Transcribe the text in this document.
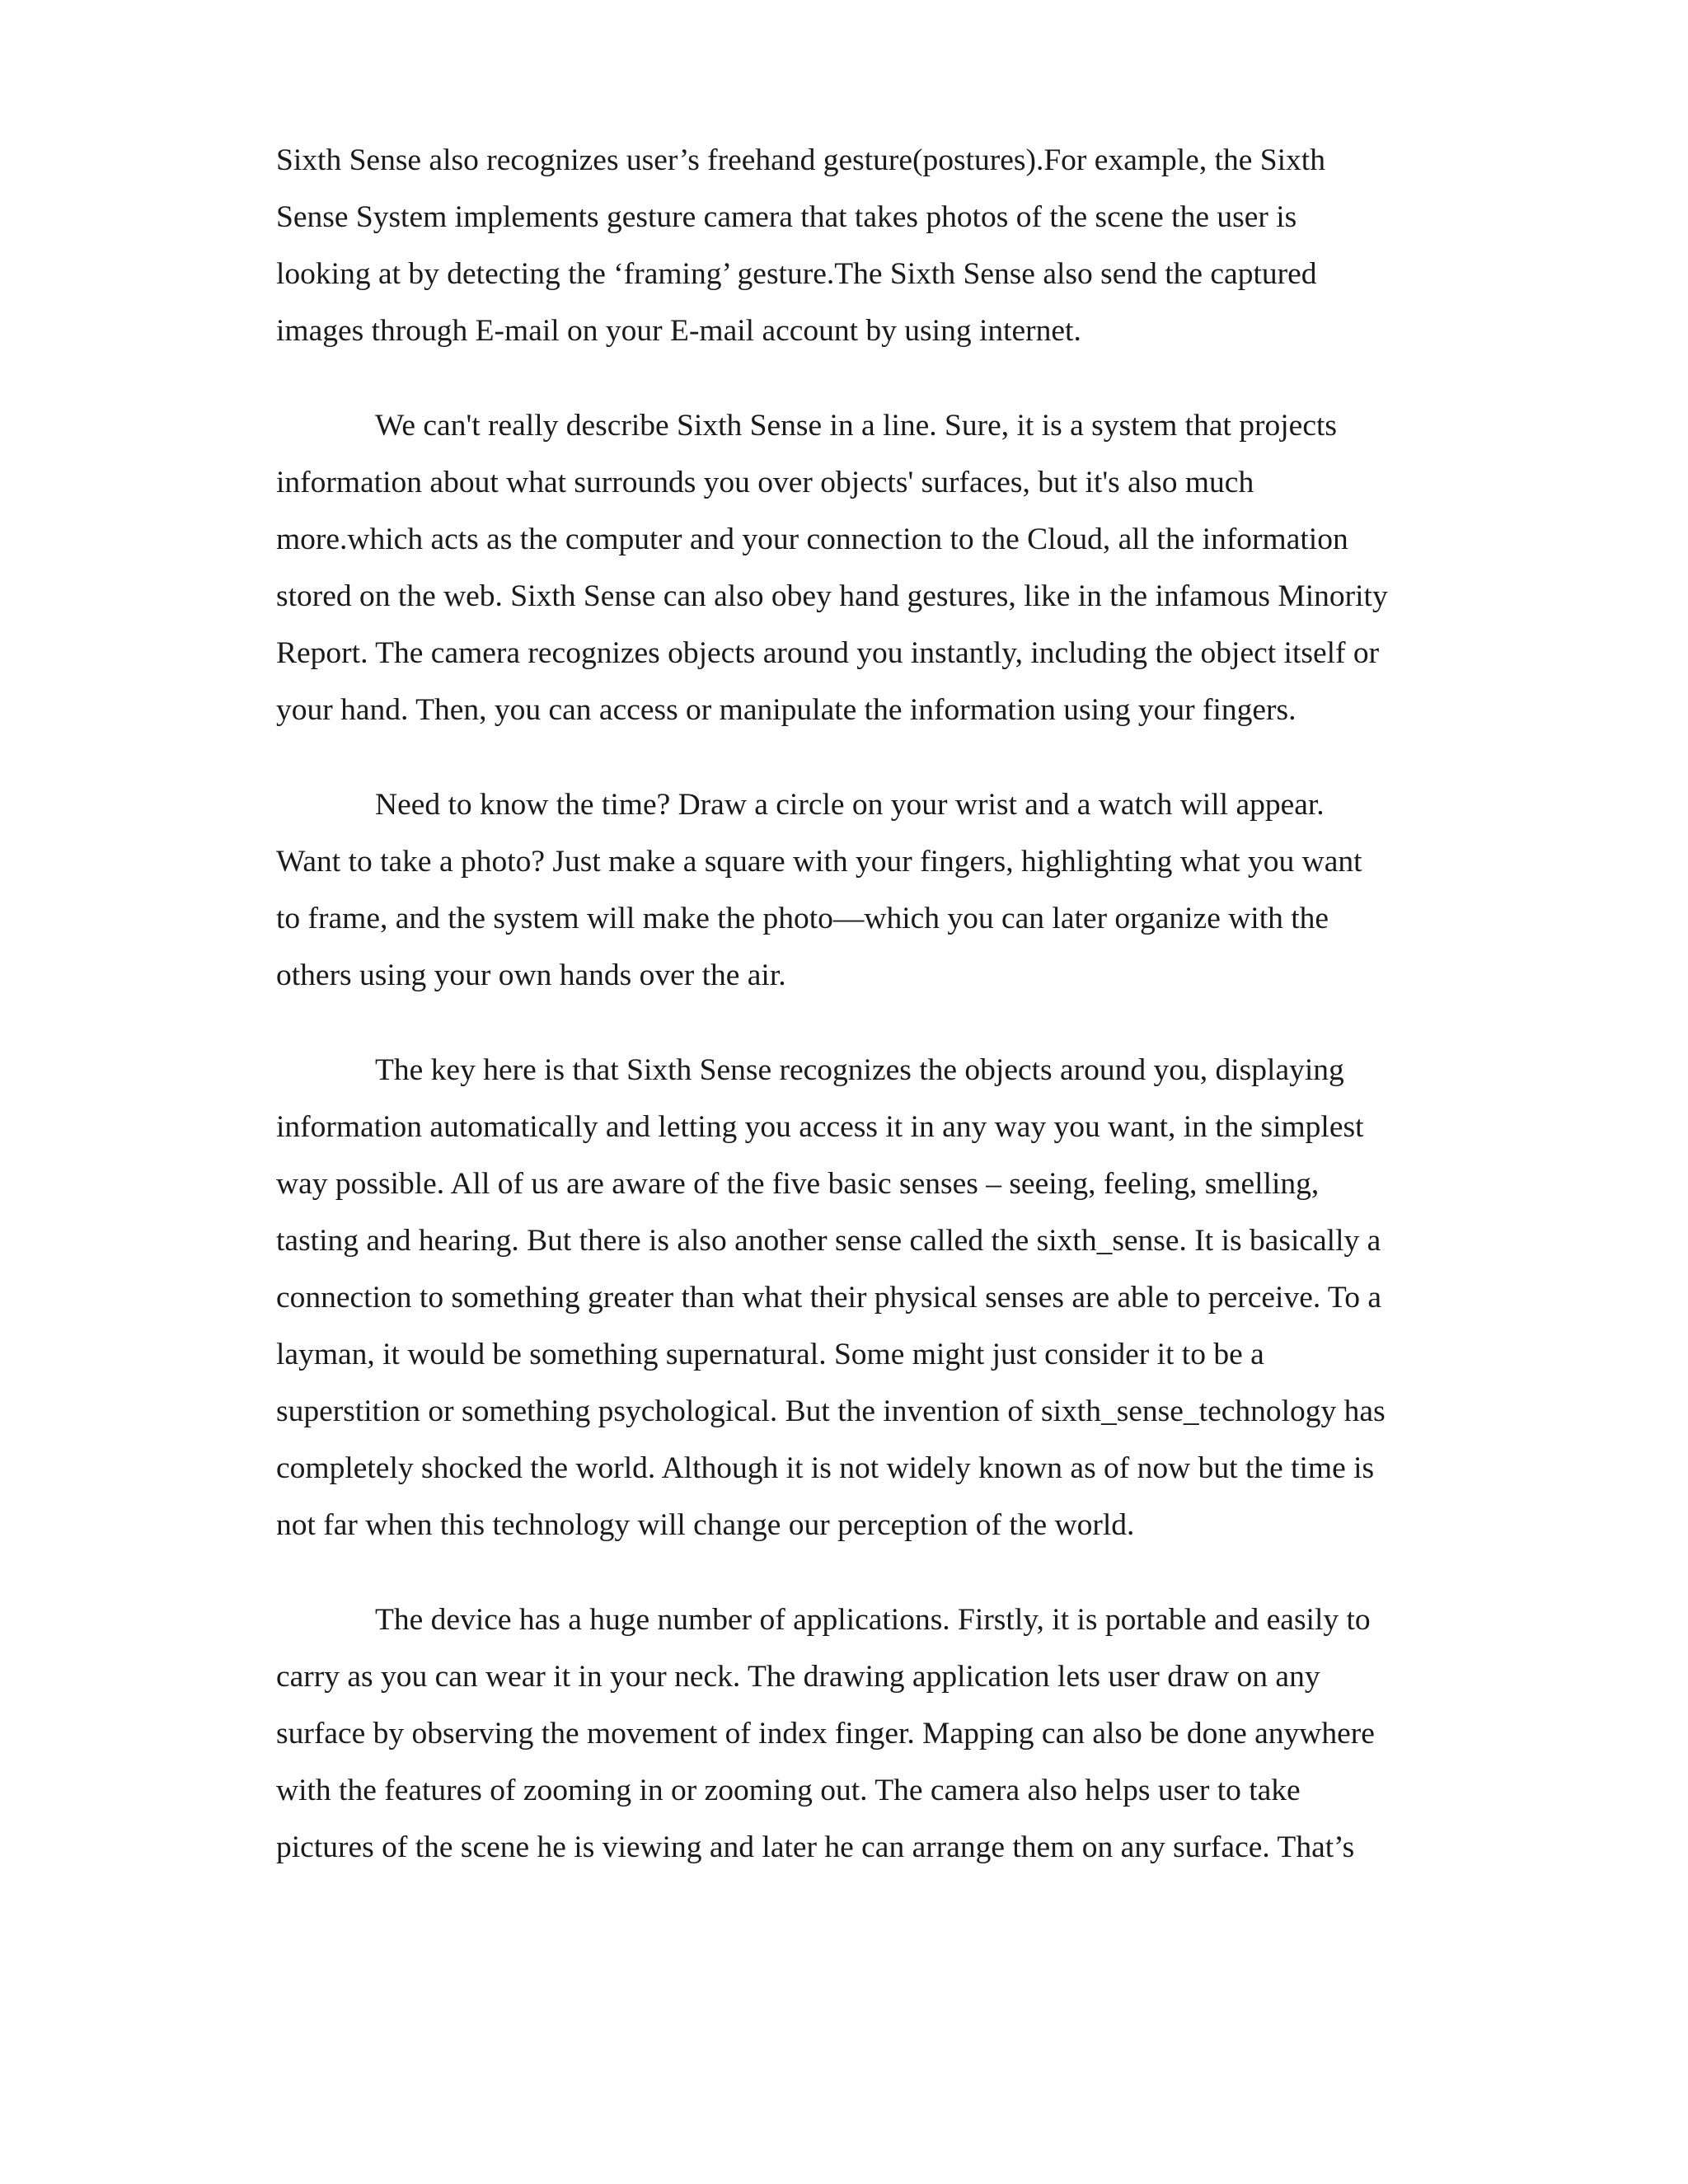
Sixth Sense also recognizes user’s freehand gesture(postures).For example, the Sixth
Sense System implements gesture camera that takes photos of the scene the user is
looking at by detecting the ‘framing’ gesture.The Sixth Sense also send the captured
images through E-mail on your E-mail account by using internet.
We can't really describe Sixth Sense in a line. Sure, it is a system that projects
information about what surrounds you over objects' surfaces, but it's also much
more.which acts as the computer and your connection to the Cloud, all the information
stored on the web. Sixth Sense can also obey hand gestures, like in the infamous Minority
Report. The camera recognizes objects around you instantly, including the object itself or
your hand. Then, you can access or manipulate the information using your fingers.
Need to know the time? Draw a circle on your wrist and a watch will appear.
Want to take a photo? Just make a square with your fingers, highlighting what you want
to frame, and the system will make the photo—which you can later organize with the
others using your own hands over the air.
The key here is that Sixth Sense recognizes the objects around you, displaying
information automatically and letting you access it in any way you want, in the simplest
way possible. All of us are aware of the five basic senses – seeing, feeling, smelling,
tasting and hearing. But there is also another sense called the sixth_sense. It is basically a
connection to something greater than what their physical senses are able to perceive. To a
layman, it would be something supernatural. Some might just consider it to be a
superstition or something psychological. But the invention of sixth_sense_technology has
completely shocked the world. Although it is not widely known as of now but the time is
not far when this technology will change our perception of the world.
The device has a huge number of applications. Firstly, it is portable and easily to
carry as you can wear it in your neck. The drawing application lets user draw on any
surface by observing the movement of index finger. Mapping can also be done anywhere
with the features of zooming in or zooming out. The camera also helps user to take
pictures of the scene he is viewing and later he can arrange them on any surface. That’s
